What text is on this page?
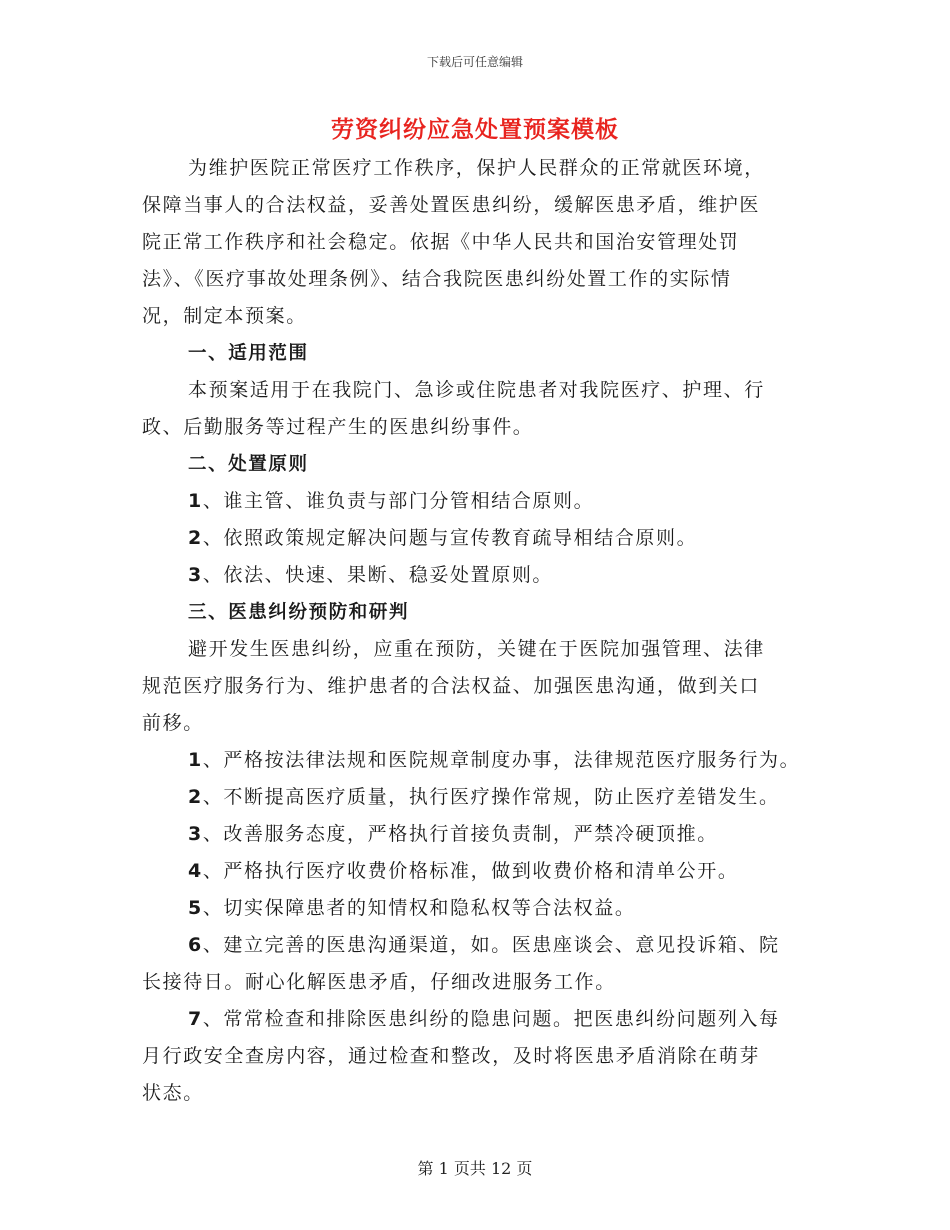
下载后可任意编辑
劳资纠纷应急处置预案模板
为维护医院正常医疗工作秩序，保护人民群众的正常就医环境，
保障当事人的合法权益，妥善处置医患纠纷，缓解医患矛盾，维护医
院正常工作秩序和社会稳定。依据《中华人民共和国治安管理处罚
法》、《医疗事故处理条例》、结合我院医患纠纷处置工作的实际情
况，制定本预案。
一、适用范围
本预案适用于在我院门、急诊或住院患者对我院医疗、护理、行
政、后勤服务等过程产生的医患纠纷事件。
二、处置原则
1、谁主管、谁负责与部门分管相结合原则。
2、依照政策规定解决问题与宣传教育疏导相结合原则。
3、依法、快速、果断、稳妥处置原则。
三、医患纠纷预防和研判
避开发生医患纠纷，应重在预防，关键在于医院加强管理、法律
规范医疗服务行为、维护患者的合法权益、加强医患沟通，做到关口
前移。
1、严格按法律法规和医院规章制度办事，法律规范医疗服务行为。
2、不断提高医疗质量，执行医疗操作常规，防止医疗差错发生。
3、改善服务态度，严格执行首接负责制，严禁冷硬顶推。
4、严格执行医疗收费价格标准，做到收费价格和清单公开。
5、切实保障患者的知情权和隐私权等合法权益。
6、建立完善的医患沟通渠道，如。医患座谈会、意见投诉箱、院
长接待日。耐心化解医患矛盾，仔细改进服务工作。
7、常常检查和排除医患纠纷的隐患问题。把医患纠纷问题列入每
月行政安全查房内容，通过检查和整改，及时将医患矛盾消除在萌芽
状态。
第 1 页共 12 页
